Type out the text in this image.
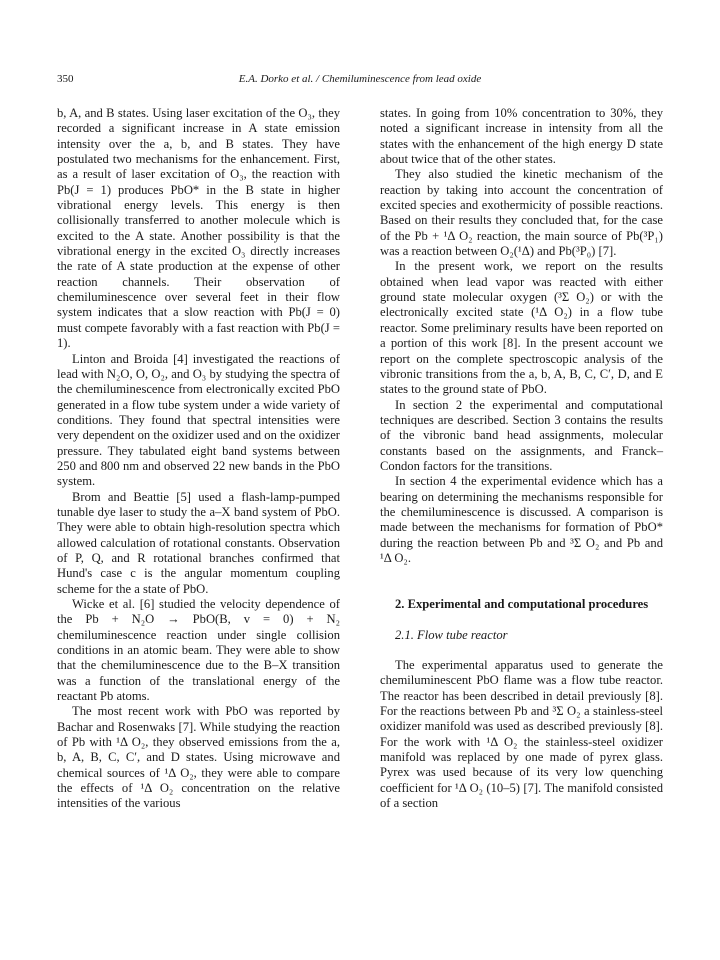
350	E.A. Dorko et al. / Chemiluminescence from lead oxide

b, A, and B states. Using laser excitation of the O₃, they recorded a significant increase in A state emission intensity over the a, b, and B states. They have postulated two mechanisms for the enhancement. First, as a result of laser excitation of O₃, the reaction with Pb(J = 1) produces PbO* in the B state in higher vibrational energy levels. This energy is then collisionally transferred to another molecule which is excited to the A state. Another possibility is that the vibrational energy in the excited O₃ directly increases the rate of A state production at the expense of other reaction channels. Their observation of chemiluminescence over several feet in their flow system indicates that a slow reaction with Pb(J = 0) must compete favorably with a fast reaction with Pb(J = 1).

Linton and Broida [4] investigated the reactions of lead with N₂O, O, O₂, and O₃ by studying the spectra of the chemiluminescence from electronically excited PbO generated in a flow tube system under a wide variety of conditions. They found that spectral intensities were very dependent on the oxidizer used and on the oxidizer pressure. They tabulated eight band systems between 250 and 800 nm and observed 22 new bands in the PbO system.

Brom and Beattie [5] used a flash-lamp-pumped tunable dye laser to study the a–X band system of PbO. They were able to obtain high-resolution spectra which allowed calculation of rotational constants. Observation of P, Q, and R rotational branches confirmed that Hund's case c is the angular momentum coupling scheme for the a state of PbO.

Wicke et al. [6] studied the velocity dependence of the Pb + N₂O → PbO(B, v = 0) + N₂ chemiluminescence reaction under single collision conditions in an atomic beam. They were able to show that the chemiluminescence due to the B–X transition was a function of the translational energy of the reactant Pb atoms.

The most recent work with PbO was reported by Bachar and Rosenwaks [7]. While studying the reaction of Pb with ¹Δ O₂, they observed emissions from the a, b, A, B, C, C′, and D states. Using microwave and chemical sources of ¹Δ O₂, they were able to compare the effects of ¹Δ O₂ concentration on the relative intensities of the various

states. In going from 10% concentration to 30%, they noted a significant increase in intensity from all the states with the enhancement of the high energy D state about twice that of the other states.

They also studied the kinetic mechanism of the reaction by taking into account the concentration of excited species and exothermicity of possible reactions. Based on their results they concluded that, for the case of the Pb + ¹Δ O₂ reaction, the main source of Pb(³P₁) was a reaction between O₂(¹Δ) and Pb(³P₀) [7].

In the present work, we report on the results obtained when lead vapor was reacted with either ground state molecular oxygen (³Σ O₂) or with the electronically excited state (¹Δ O₂) in a flow tube reactor. Some preliminary results have been reported on a portion of this work [8]. In the present account we report on the complete spectroscopic analysis of the vibronic transitions from the a, b, A, B, C, C′, D, and E states to the ground state of PbO.

In section 2 the experimental and computational techniques are described. Section 3 contains the results of the vibronic band head assignments, molecular constants based on the assignments, and Franck–Condon factors for the transitions.

In section 4 the experimental evidence which has a bearing on determining the mechanisms responsible for the chemiluminescence is discussed. A comparison is made between the mechanisms for formation of PbO* during the reaction between Pb and ³Σ O₂ and Pb and ¹Δ O₂.

2. Experimental and computational procedures

2.1. Flow tube reactor

The experimental apparatus used to generate the chemiluminescent PbO flame was a flow tube reactor. The reactor has been described in detail previously [8]. For the reactions between Pb and ³Σ O₂ a stainless-steel oxidizer manifold was used as described previously [8]. For the work with ¹Δ O₂ the stainless-steel oxidizer manifold was replaced by one made of pyrex glass. Pyrex was used because of its very low quenching coefficient for ¹Δ O₂ (10–5) [7]. The manifold consisted of a section
